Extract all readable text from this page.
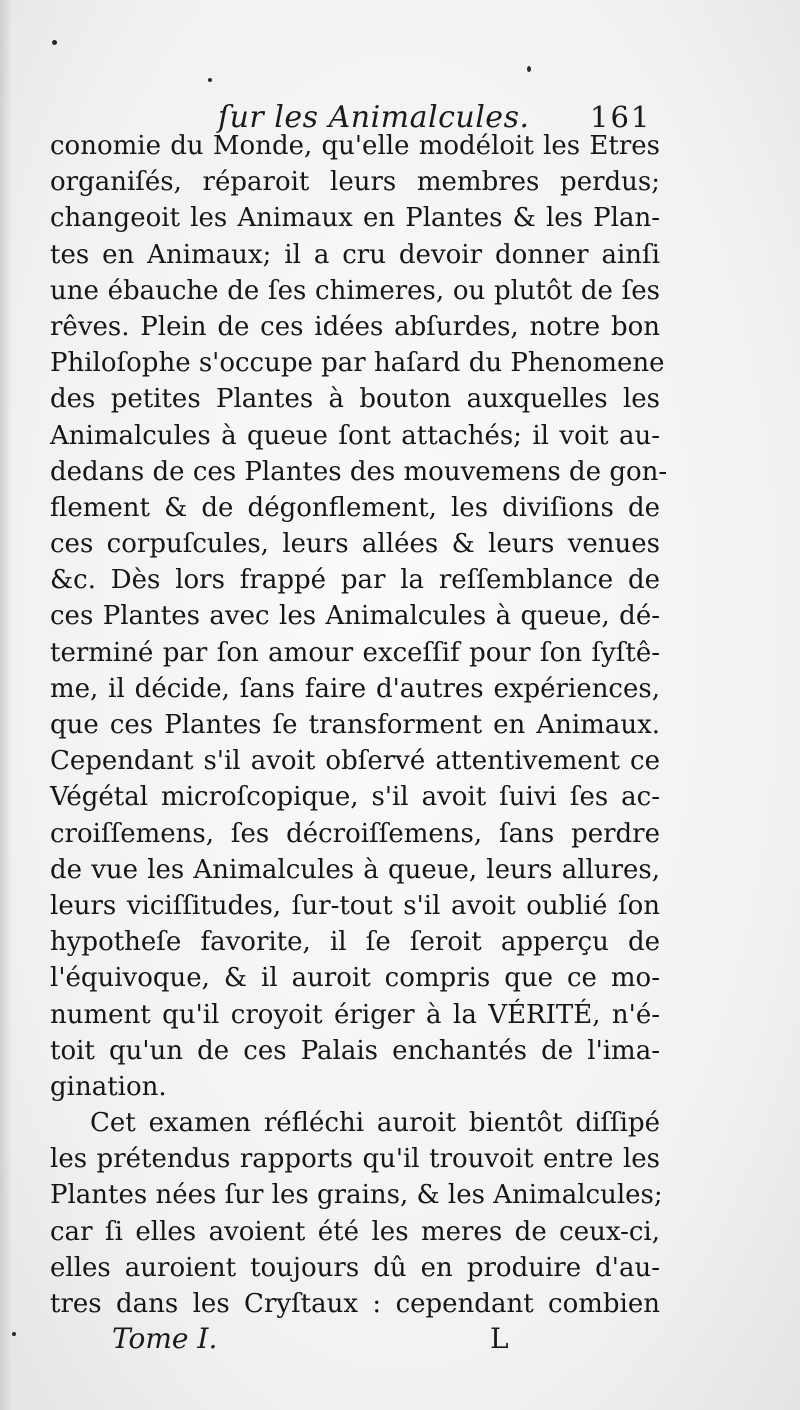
ſur les Animalcules. 161
conomie du Monde, qu'elle modéloit les Etres
organiſés, réparoit leurs membres perdus;
changeoit les Animaux en Plantes & les Plan-
tes en Animaux; il a cru devoir donner ainſi
une ébauche de ſes chimeres, ou plutôt de ſes
rêves. Plein de ces idées abſurdes, notre bon
Philoſophe s'occupe par haſard du Phenomene
des petites Plantes à bouton auxquelles les
Animalcules à queue ſont attachés; il voit au-
dedans de ces Plantes des mouvemens de gon-
flement & de dégonflement, les diviſions de
ces corpuſcules, leurs allées & leurs venues
&c. Dès lors frappé par la reſſemblance de
ces Plantes avec les Animalcules à queue, dé-
terminé par ſon amour exceſſif pour ſon ſyſtê-
me, il décide, ſans faire d'autres expériences,
que ces Plantes ſe transforment en Animaux.
Cependant s'il avoit obſervé attentivement ce
Végétal microſcopique, s'il avoit ſuivi ſes ac-
croiſſemens, ſes décroiſſemens, ſans perdre
de vue les Animalcules à queue, leurs allures,
leurs viciſſitudes, ſur-tout s'il avoit oublié ſon
hypotheſe favorite, il ſe ſeroit apperçu de
l'équivoque, & il auroit compris que ce mo-
nument qu'il croyoit ériger à la VÉRITÉ, n'é-
toit qu'un de ces Palais enchantés de l'ima-
gination.
Cet examen réfléchi auroit bientôt diſſipé
les prétendus rapports qu'il trouvoit entre les
Plantes nées ſur les grains, & les Animalcules;
car ſi elles avoient été les meres de ceux-ci,
elles auroient toujours dû en produire d'au-
tres dans les Cryſtaux : cependant combien
Tome I.	L
